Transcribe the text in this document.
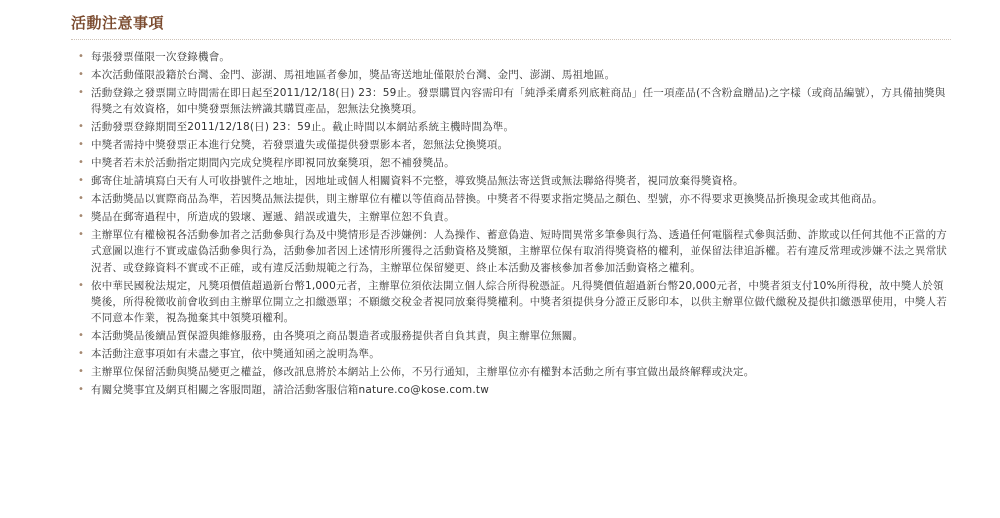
活動注意事項
• 每張發票僅限一次登錄機會。
• 本次活動僅限設籍於台灣、金門、澎湖、馬祖地區者參加，獎品寄送地址僅限於台灣、金門、澎湖、馬祖地區。
• 活動登錄之發票開立時間需在即日起至2011/12/18(日) 23：59止。發票購買內容需印有「純淨柔膚系列底粧商品」任一項產品(不含粉盒贈品)之字樣（或商品編號），方具備抽獎與得獎之有效資格，如中獎發票無法辨識其購買產品，恕無法兌換獎項。
• 活動發票登錄期間至2011/12/18(日) 23：59止。截止時間以本網站系統主機時間為準。
• 中獎者需持中獎發票正本進行兌獎，若發票遺失或僅提供發票影本者，恕無法兌換獎項。
• 中獎者若未於活動指定期間內完成兌獎程序即視同放棄獎項，恕不補發獎品。
• 郵寄住址請填寫白天有人可收掛號件之地址，因地址或個人相關資料不完整，導致獎品無法寄送貨或無法聯絡得獎者，視同放棄得獎資格。
• 本活動獎品以實際商品為準，若因獎品無法提供，則主辦單位有權以等值商品替換。中獎者不得要求指定獎品之顏色、型號，亦不得要求更換獎品折換現金或其他商品。
• 獎品在郵寄過程中，所造成的毀壞、遲遞、錯誤或遺失，主辦單位恕不負責。
• 主辦單位有權檢視各活動參加者之活動參與行為及中獎情形是否涉嫌例：人為操作、蓄意偽造、短時間異常多筆參與行為、透過任何電腦程式參與活動、詐欺或以任何其他不正當的方式意圖以進行不實或虛偽活動參與行為，活動參加者因上述情形所獲得之活動資格及獎額，主辦單位保有取消得獎資格的權利，並保留法律追訴權。若有違反常理或涉嫌不法之異常狀況者、或登錄資料不實或不正確，或有違反活動規範之行為，主辦單位保留變更、終止本活動及審核參加者參加活動資格之權利。
• 依中華民國稅法規定，凡獎項價值超過新台幣1,000元者，主辦單位須依法開立個人綜合所得稅憑証。凡得獎價值超過新台幣20,000元者，中獎者須支付10%所得稅，故中獎人於領獎後，所得稅徵收前會收到由主辦單位開立之扣繳憑單；不願繳交稅金者視同放棄得獎權利。中獎者須提供身分證正反影印本，以供主辦單位做代繳稅及提供扣繳憑單使用，中獎人若不同意本作業，視為拋棄其中領獎項權利。
• 本活動獎品後續品質保證與維修服務，由各獎項之商品製造者或服務提供者自負其責，與主辦單位無關。
• 本活動注意事項如有未盡之事宜，依中獎通知函之說明為準。
• 主辦單位保留活動與獎品變更之權益，修改訊息將於本網站上公佈，不另行通知，主辦單位亦有權對本活動之所有事宜做出最終解釋或決定。
• 有關兌獎事宜及網頁相關之客服問題，請洽活動客服信箱nature.co@kose.com.tw
